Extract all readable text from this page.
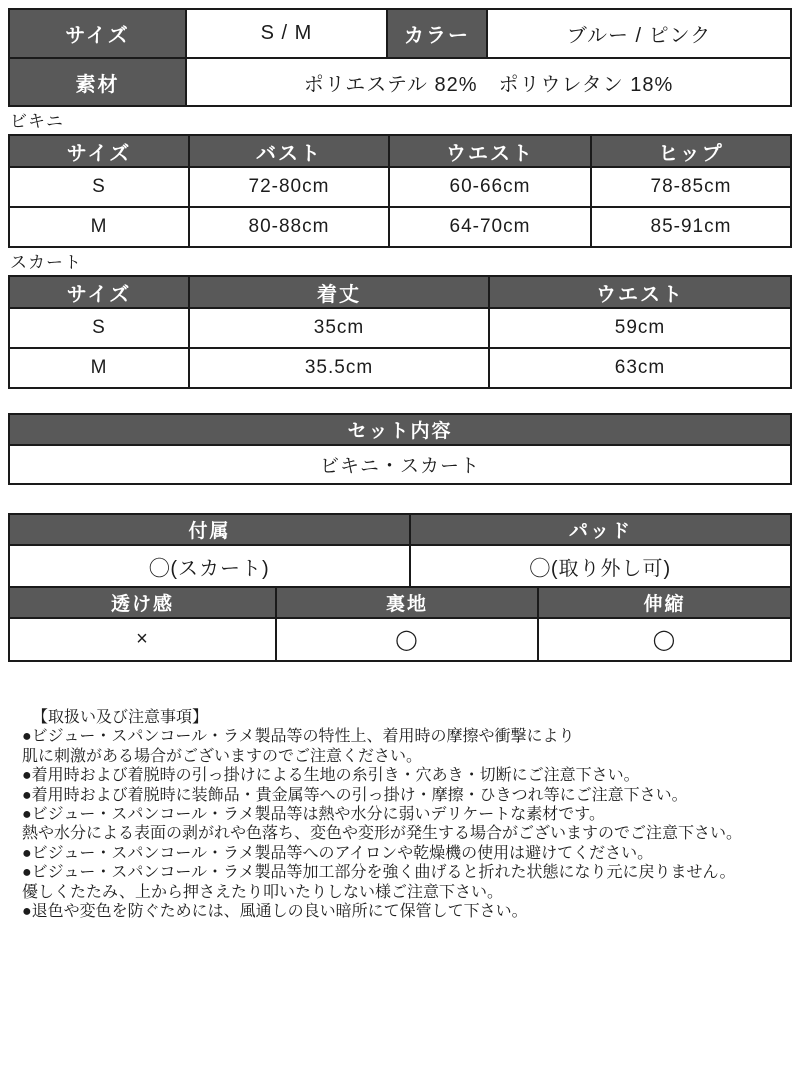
サイズ	S / M	カラー	ブルー / ピンク
素材	ポリエステル 82%　ポリウレタン 18%
ビキニ
サイズ	バスト	ウエスト	ヒップ
S	72-80cm	60-66cm	78-85cm
M	80-88cm	64-70cm	85-91cm
スカート
サイズ	着丈	ウエスト
S	35cm	59cm
M	35.5cm	63cm
セット内容
ビキニ・スカート
付属	パッド
◯(スカート)	◯(取り外し可)
透け感	裏地	伸縮
×	◯	◯
【取扱い及び注意事項】
●ビジュー・スパンコール・ラメ製品等の特性上、着用時の摩擦や衝撃により
肌に刺激がある場合がございますのでご注意ください。
●着用時および着脱時の引っ掛けによる生地の糸引き・穴あき・切断にご注意下さい。
●着用時および着脱時に装飾品・貴金属等への引っ掛け・摩擦・ひきつれ等にご注意下さい。
●ビジュー・スパンコール・ラメ製品等は熱や水分に弱いデリケートな素材です。
熱や水分による表面の剥がれや色落ち、変色や変形が発生する場合がございますのでご注意下さい。
●ビジュー・スパンコール・ラメ製品等へのアイロンや乾燥機の使用は避けてください。
●ビジュー・スパンコール・ラメ製品等加工部分を強く曲げると折れた状態になり元に戻りません。
優しくたたみ、上から押さえたり叩いたりしない様ご注意下さい。
●退色や変色を防ぐためには、風通しの良い暗所にて保管して下さい。
